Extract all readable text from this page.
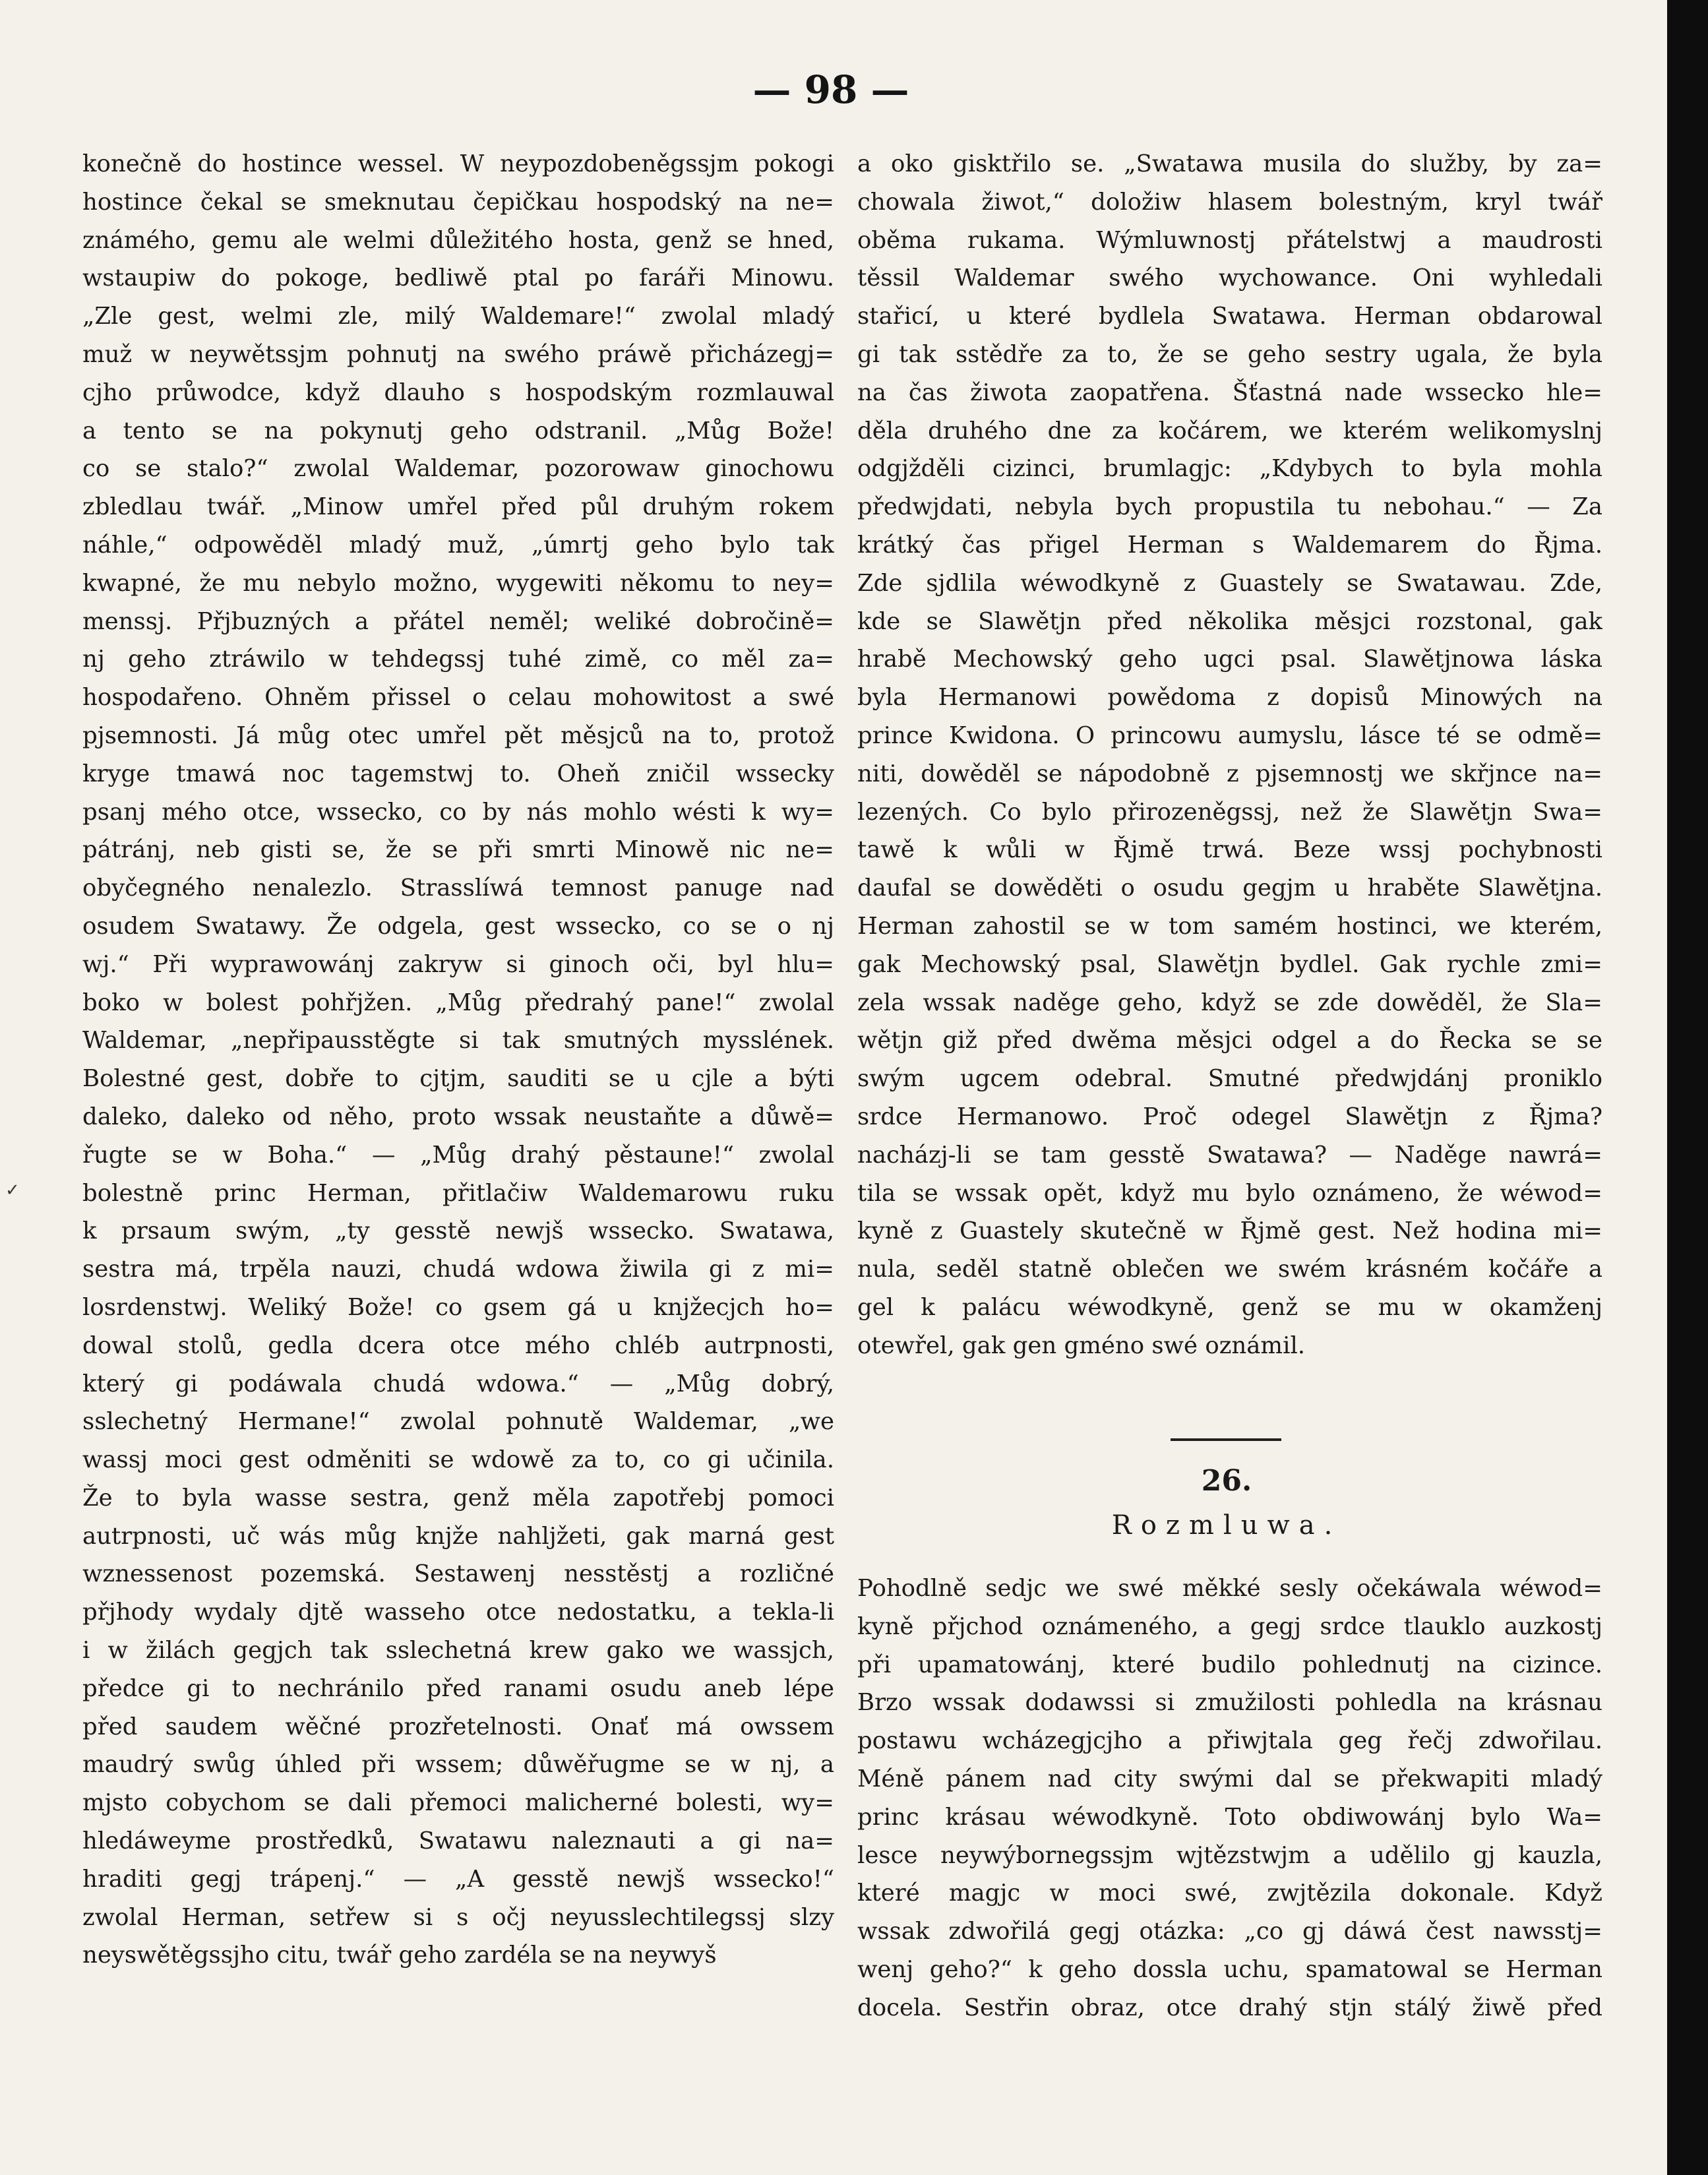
— 98 —
konečně do hostince wessel. W neypozdobeněgssjm pokogi
hostince čekal se smeknutau čepičkau hospodský na ne=
známého, gemu ale welmi důležitého hosta, genž se hned,
wstaupiw do pokoge, bedliwě ptal po faráři Minowu.
„Zle gest, welmi zle, milý Waldemare!“ zwolal mladý
muž w neywětssjm pohnutj na swého práwě přicházegj=
cjho průwodce, když dlauho s hospodským rozmlauwal
a tento se na pokynutj geho odstranil. „Můg Bože!
co se stalo?“ zwolal Waldemar, pozorowaw ginochowu
zbledlau twář. „Minow umřel před půl druhým rokem
náhle,“ odpowěděl mladý muž, „úmrtj geho bylo tak
kwapné, že mu nebylo možno, wygewiti někomu to ney=
menssj. Přjbuzných a přátel neměl; weliké dobročině=
nj geho ztráwilo w tehdegssj tuhé zimě, co měl za=
hospodařeno. Ohněm přissel o celau mohowitost a swé
pjsemnosti. Já můg otec umřel pět měsjců na to, protož
kryge tmawá noc tagemstwj to. Oheň zničil wssecky
psanj mého otce, wssecko, co by nás mohlo wésti k wy=
pátránj, neb gisti se, že se při smrti Minowě nic ne=
obyčegného nenalezlo. Strasslíwá temnost panuge nad
osudem Swatawy. Že odgela, gest wssecko, co se o nj
wj.“ Při wyprawowánj zakryw si ginoch oči, byl hlu=
boko w bolest pohřjžen. „Můg předrahý pane!“ zwolal
Waldemar, „nepřipausstěgte si tak smutných mysslének.
Bolestné gest, dobře to cjtjm, sauditi se u cjle a býti
daleko, daleko od něho, proto wssak neustaňte a důwě=
řugte se w Boha.“ — „Můg drahý pěstaune!“ zwolal
bolestně princ Herman, přitlačiw Waldemarowu ruku
k prsaum swým, „ty gesstě newjš wssecko. Swatawa,
sestra má, trpěla nauzi, chudá wdowa žiwila gi z mi=
losrdenstwj. Weliký Bože! co gsem gá u knjžecjch ho=
dowal stolů, gedla dcera otce mého chléb autrpnosti,
který gi podáwala chudá wdowa.“ — „Můg dobrý,
sslechetný Hermane!“ zwolal pohnutě Waldemar, „we
wassj moci gest odměniti se wdowě za to, co gi učinila.
Že to byla wasse sestra, genž měla zapotřebj pomoci
autrpnosti, uč wás můg knjže nahljžeti, gak marná gest
wznessenost pozemská. Sestawenj nesstěstj a rozličné
přjhody wydaly djtě wasseho otce nedostatku, a tekla-li
i w žilách gegjch tak sslechetná krew gako we wassjch,
předce gi to nechránilo před ranami osudu aneb lépe
před saudem wěčné prozřetelnosti. Onať má owssem
maudrý swůg úhled při wssem; důwěřugme se w nj, a
mjsto cobychom se dali přemoci malicherné bolesti, wy=
hledáweyme prostředků, Swatawu naleznauti a gi na=
hraditi gegj trápenj.“ — „A gesstě newjš wssecko!“
zwolal Herman, setřew si s očj neyusslechtilegssj slzy
neyswětěgssjho citu, twář geho zardéla se na neywyš
a oko gisktřilo se. „Swatawa musila do služby, by za=
chowala žiwot,“ doložiw hlasem bolestným, kryl twář
oběma rukama. Wýmluwnostj přátelstwj a maudrosti
těssil Waldemar swého wychowance. Oni wyhledali
stařicí, u které bydlela Swatawa. Herman obdarowal
gi tak sstědře za to, že se geho sestry ugala, že byla
na čas žiwota zaopatřena. Šťastná nade wssecko hle=
děla druhého dne za kočárem, we kterém welikomyslnj
odgjžděli cizinci, brumlagjc: „Kdybych to byla mohla
předwjdati, nebyla bych propustila tu nebohau.“ — Za
krátký čas přigel Herman s Waldemarem do Řjma.
Zde sjdlila wéwodkyně z Guastely se Swatawau. Zde,
kde se Slawětjn před několika měsjci rozstonal, gak
hrabě Mechowský geho ugci psal. Slawětjnowa láska
byla Hermanowi powědoma z dopisů Minowých na
prince Kwidona. O princowu aumyslu, lásce té se odmě=
niti, dowěděl se nápodobně z pjsemnostj we skřjnce na=
lezených. Co bylo přirozeněgssj, než že Slawětjn Swa=
tawě k wůli w Řjmě trwá. Beze wssj pochybnosti
daufal se dowěděti o osudu gegjm u hraběte Slawětjna.
Herman zahostil se w tom samém hostinci, we kterém,
gak Mechowský psal, Slawětjn bydlel. Gak rychle zmi=
zela wssak naděge geho, když se zde dowěděl, že Sla=
wětjn giž před dwěma měsjci odgel a do Řecka se se
swým ugcem odebral. Smutné předwjdánj proniklo
srdce Hermanowo. Proč odegel Slawětjn z Řjma?
nacházj-li se tam gesstě Swatawa? — Naděge nawrá=
tila se wssak opět, když mu bylo oznámeno, že wéwod=
kyně z Guastely skutečně w Řjmě gest. Než hodina mi=
nula, seděl statně oblečen we swém krásném kočáře a
gel k palácu wéwodkyně, genž se mu w okamženj
otewřel, gak gen gméno swé oznámil.
26.
Rozmluwa.
Pohodlně sedjc we swé měkké sesly očekáwala wéwod=
kyně přjchod oznámeného, a gegj srdce tlauklo auzkostj
při upamatowánj, které budilo pohlednutj na cizince.
Brzo wssak dodawssi si zmužilosti pohledla na krásnau
postawu wcházegjcjho a přiwjtala geg řečj zdwořilau.
Méně pánem nad city swými dal se překwapiti mladý
princ krásau wéwodkyně. Toto obdiwowánj bylo Wa=
lesce neywýbornegssjm wjtězstwjm a udělilo gj kauzla,
které magjc w moci swé, zwjtězila dokonale. Když
wssak zdwořilá gegj otázka: „co gj dáwá čest nawsstj=
wenj geho?“ k geho dossla uchu, spamatowal se Herman
docela. Sestřin obraz, otce drahý stjn stálý žiwě před
✓
